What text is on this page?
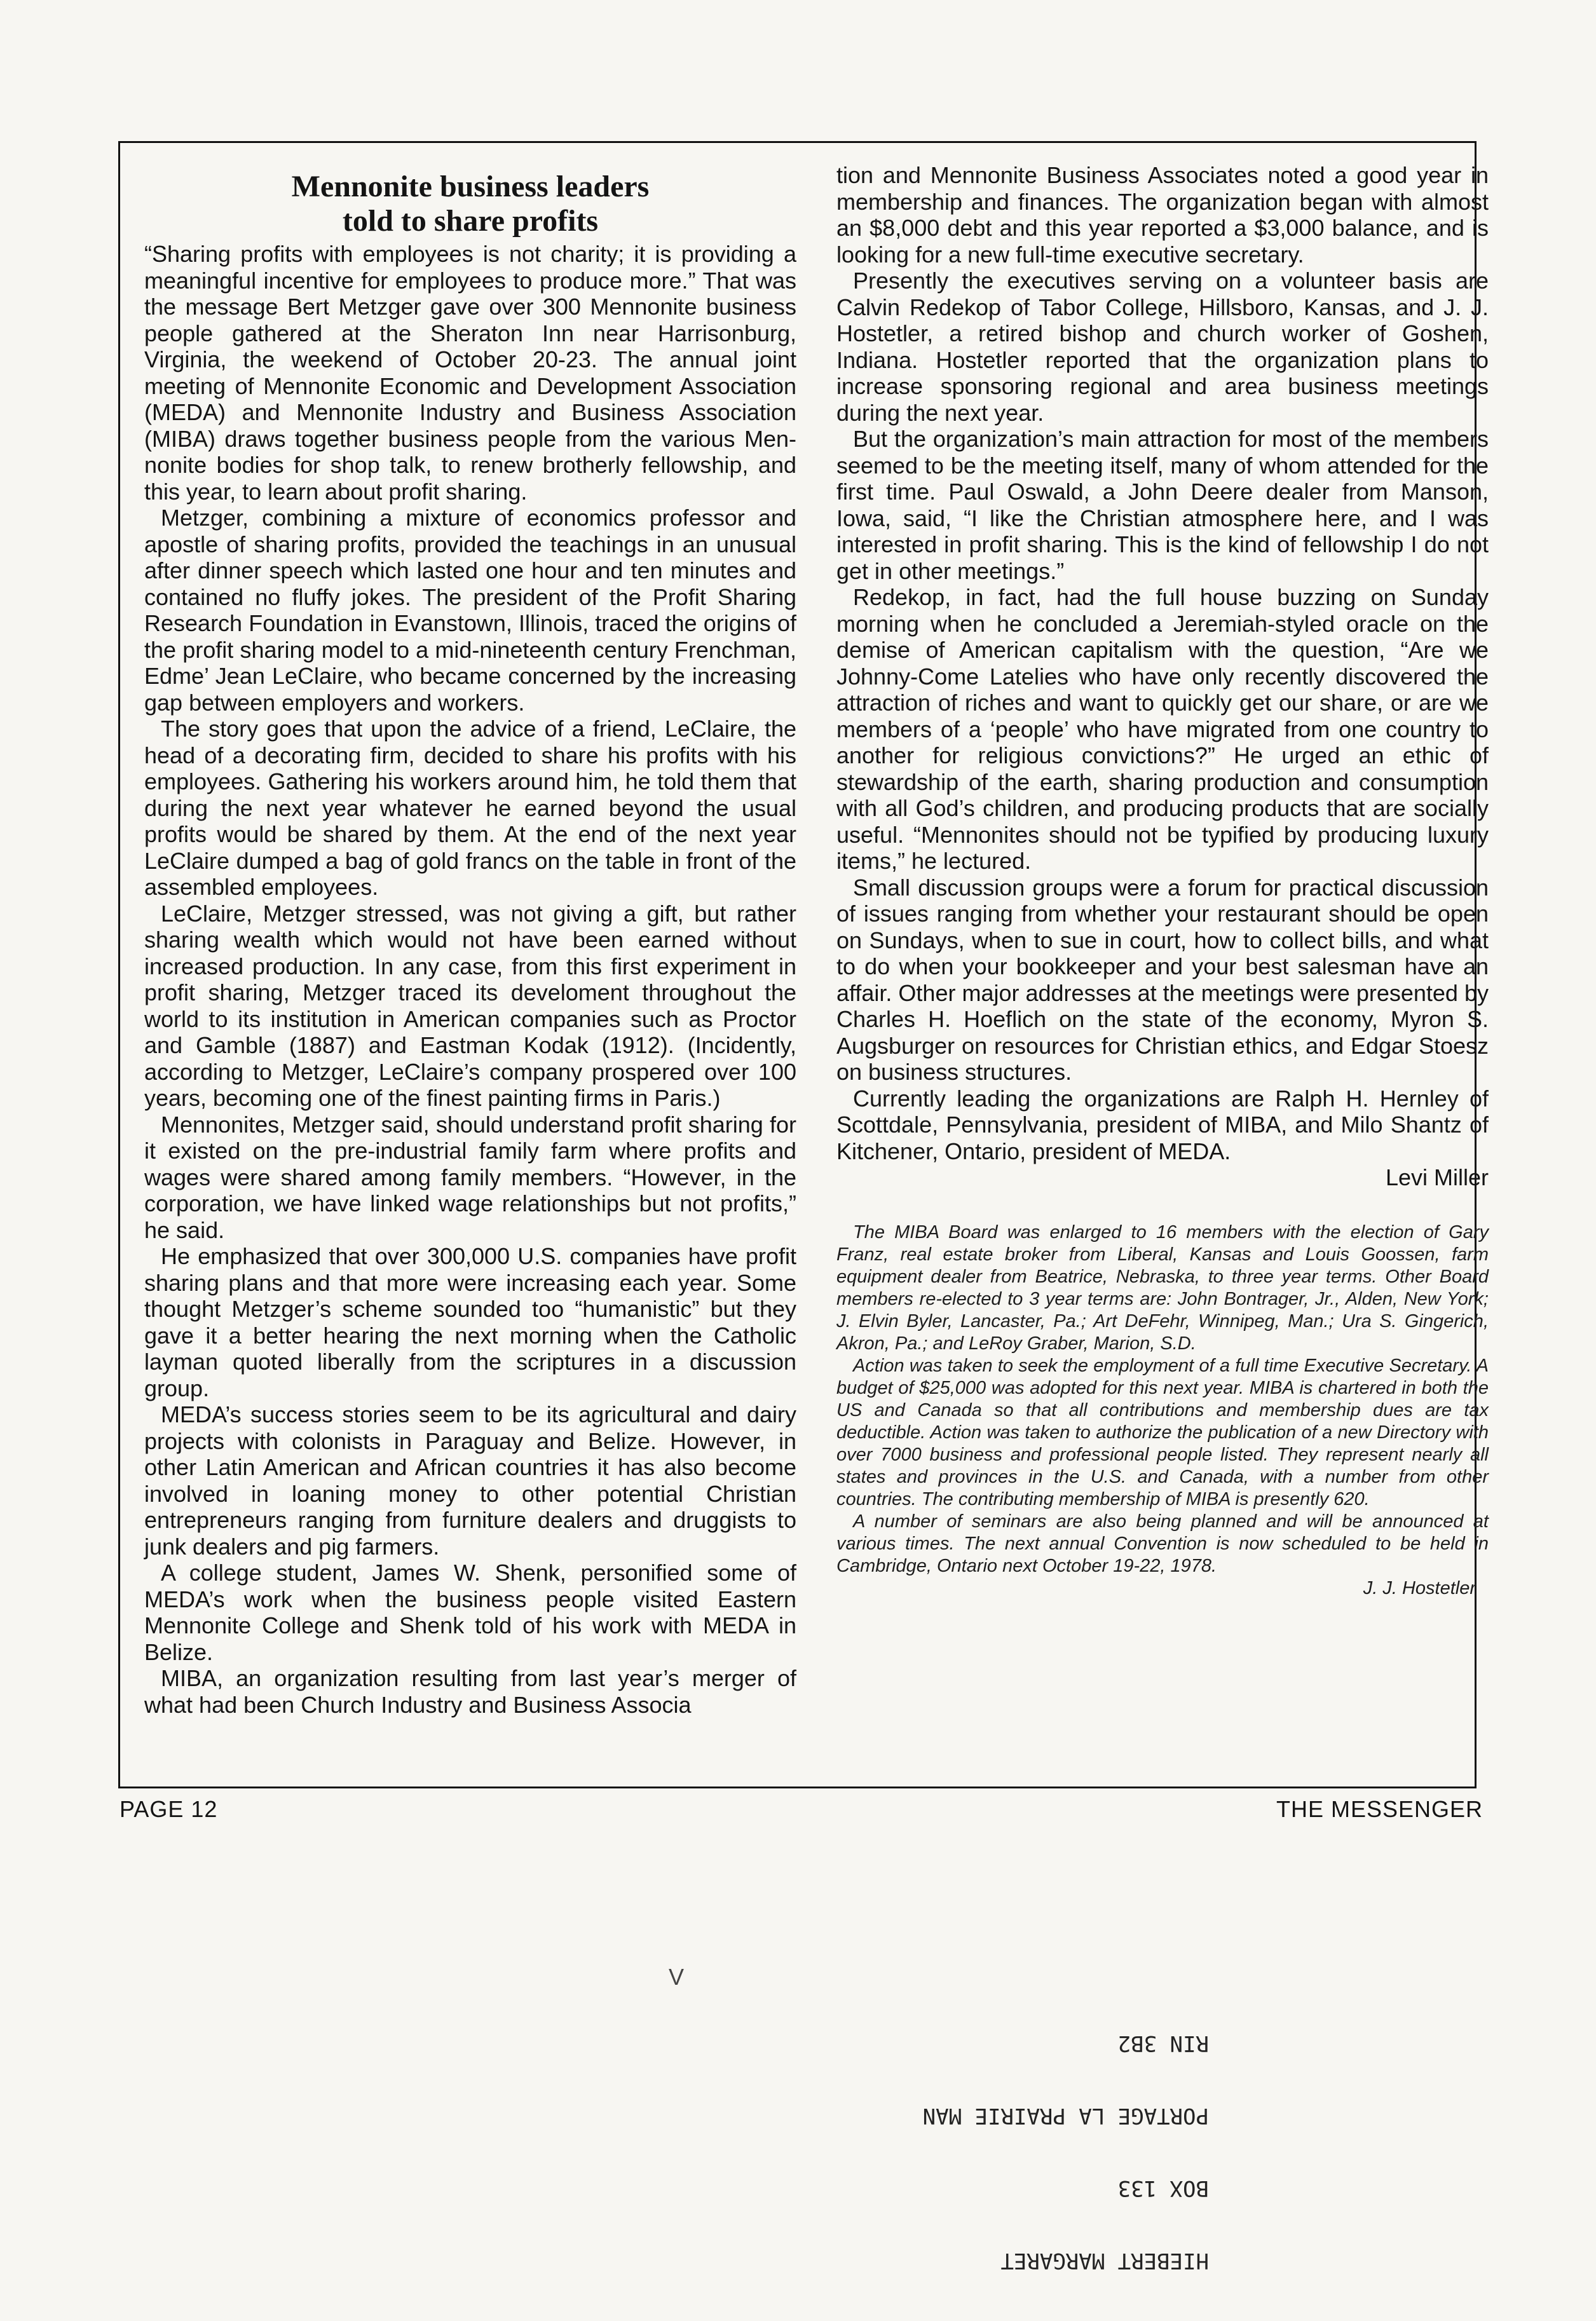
Mennonite business leaders
told to share profits

“Sharing profits with employees is not charity; it is providing a meaningful incentive for employees to produce more.” That was the message Bert Metzger gave over 300 Mennonite business people gathered at the Sheraton Inn near Harrisonburg, Virginia, the weekend of October 20-23. The annual joint meeting of Mennonite Economic and Development Association (MEDA) and Mennonite Industry and Business Association (MIBA) draws together business people from the various Mennonite bodies for shop talk, to renew brotherly fellowship, and this year, to learn about profit sharing.

Metzger, combining a mixture of economics professor and apostle of sharing profits, provided the teachings in an unusual after dinner speech which lasted one hour and ten minutes and contained no fluffy jokes. The president of the Profit Sharing Research Foundation in Evanstown, Illinois, traced the origins of the profit sharing model to a mid-nineteenth century Frenchman, Edme’ Jean LeClaire, who became concerned by the increasing gap between employers and workers.

The story goes that upon the advice of a friend, LeClaire, the head of a decorating firm, decided to share his profits with his employees. Gathering his workers around him, he told them that during the next year whatever he earned beyond the usual profits would be shared by them. At the end of the next year LeClaire dumped a bag of gold francs on the table in front of the assembled employees.

LeClaire, Metzger stressed, was not giving a gift, but rather sharing wealth which would not have been earned without increased production. In any case, from this first experiment in profit sharing, Metzger traced its develoment throughout the world to its institution in American companies such as Proctor and Gamble (1887) and Eastman Kodak (1912). (Incidently, according to Metzger, LeClaire’s company prospered over 100 years, becoming one of the finest painting firms in Paris.)

Mennonites, Metzger said, should understand profit sharing for it existed on the pre-industrial family farm where profits and wages were shared among family members. “However, in the corporation, we have linked wage relationships but not profits,” he said.

He emphasized that over 300,000 U.S. companies have profit sharing plans and that more were increasing each year. Some thought Metzger’s scheme sounded too “humanistic” but they gave it a better hearing the next morning when the Catholic layman quoted liberally from the scriptures in a discussion group.

MEDA’s success stories seem to be its agricultural and dairy projects with colonists in Paraguay and Belize. However, in other Latin American and African countries it has also become involved in loaning money to other potential Christian entrepreneurs ranging from furniture dealers and druggists to junk dealers and pig farmers.

A college student, James W. Shenk, personified some of MEDA’s work when the business people visited Eastern Mennonite College and Shenk told of his work with MEDA in Belize.

MIBA, an organization resulting from last year’s merger of what had been Church Industry and Business Associa

tion and Mennonite Business Associates noted a good year in membership and finances. The organization began with almost an $8,000 debt and this year reported a $3,000 balance, and is looking for a new full-time executive secretary.

Presently the executives serving on a volunteer basis are Calvin Redekop of Tabor College, Hillsboro, Kansas, and J. J. Hostetler, a retired bishop and church worker of Goshen, Indiana. Hostetler reported that the organization plans to increase sponsoring regional and area business meetings during the next year.

But the organization’s main attraction for most of the members seemed to be the meeting itself, many of whom attended for the first time. Paul Oswald, a John Deere dealer from Manson, Iowa, said, “I like the Christian atmosphere here, and I was interested in profit sharing. This is the kind of fellowship I do not get in other meetings.”

Redekop, in fact, had the full house buzzing on Sunday morning when he concluded a Jeremiah-styled oracle on the demise of American capitalism with the question, “Are we Johnny-Come Latelies who have only recently discovered the attraction of riches and want to quickly get our share, or are we members of a ‘people’ who have migrated from one country to another for religious convictions?” He urged an ethic of stewardship of the earth, sharing production and consumption with all God’s children, and producing products that are socially useful. “Mennonites should not be typified by producing luxury items,” he lectured.

Small discussion groups were a forum for practical discussion of issues ranging from whether your restaurant should be open on Sundays, when to sue in court, how to collect bills, and what to do when your bookkeeper and your best salesman have an affair. Other major addresses at the meetings were presented by Charles H. Hoeflich on the state of the economy, Myron S. Augsburger on resources for Christian ethics, and Edgar Stoesz on business structures.

Currently leading the organizations are Ralph H. Hernley of Scottdale, Pennsylvania, president of MIBA, and Milo Shantz of Kitchener, Ontario, president of MEDA.

Levi Miller

The MIBA Board was enlarged to 16 members with the election of Gary Franz, real estate broker from Liberal, Kansas and Louis Goossen, farm equipment dealer from Beatrice, Nebraska, to three year terms. Other Board members re-elected to 3 year terms are: John Bontrager, Jr., Alden, New York; J. Elvin Byler, Lancaster, Pa.; Art DeFehr, Winnipeg, Man.; Ura S. Gingerich, Akron, Pa.; and LeRoy Graber, Marion, S.D.

Action was taken to seek the employment of a full time Executive Secretary. A budget of $25,000 was adopted for this next year. MIBA is chartered in both the US and Canada so that all contributions and membership dues are tax deductible. Action was taken to authorize the publication of a new Directory with over 7000 business and professional people listed. They represent nearly all states and provinces in the U.S. and Canada, with a number from other countries. The contributing membership of MIBA is presently 620.

A number of seminars are also being planned and will be announced at various times. The next annual Convention is now scheduled to be held in Cambridge, Ontario next October 19-22, 1978.

J. J. Hostetler
PAGE 12	THE MESSENGER
V

HIEBERT MARGARET

BOX 133

PORTAGE LA PRAIRIE MAN

RIN 3B2
